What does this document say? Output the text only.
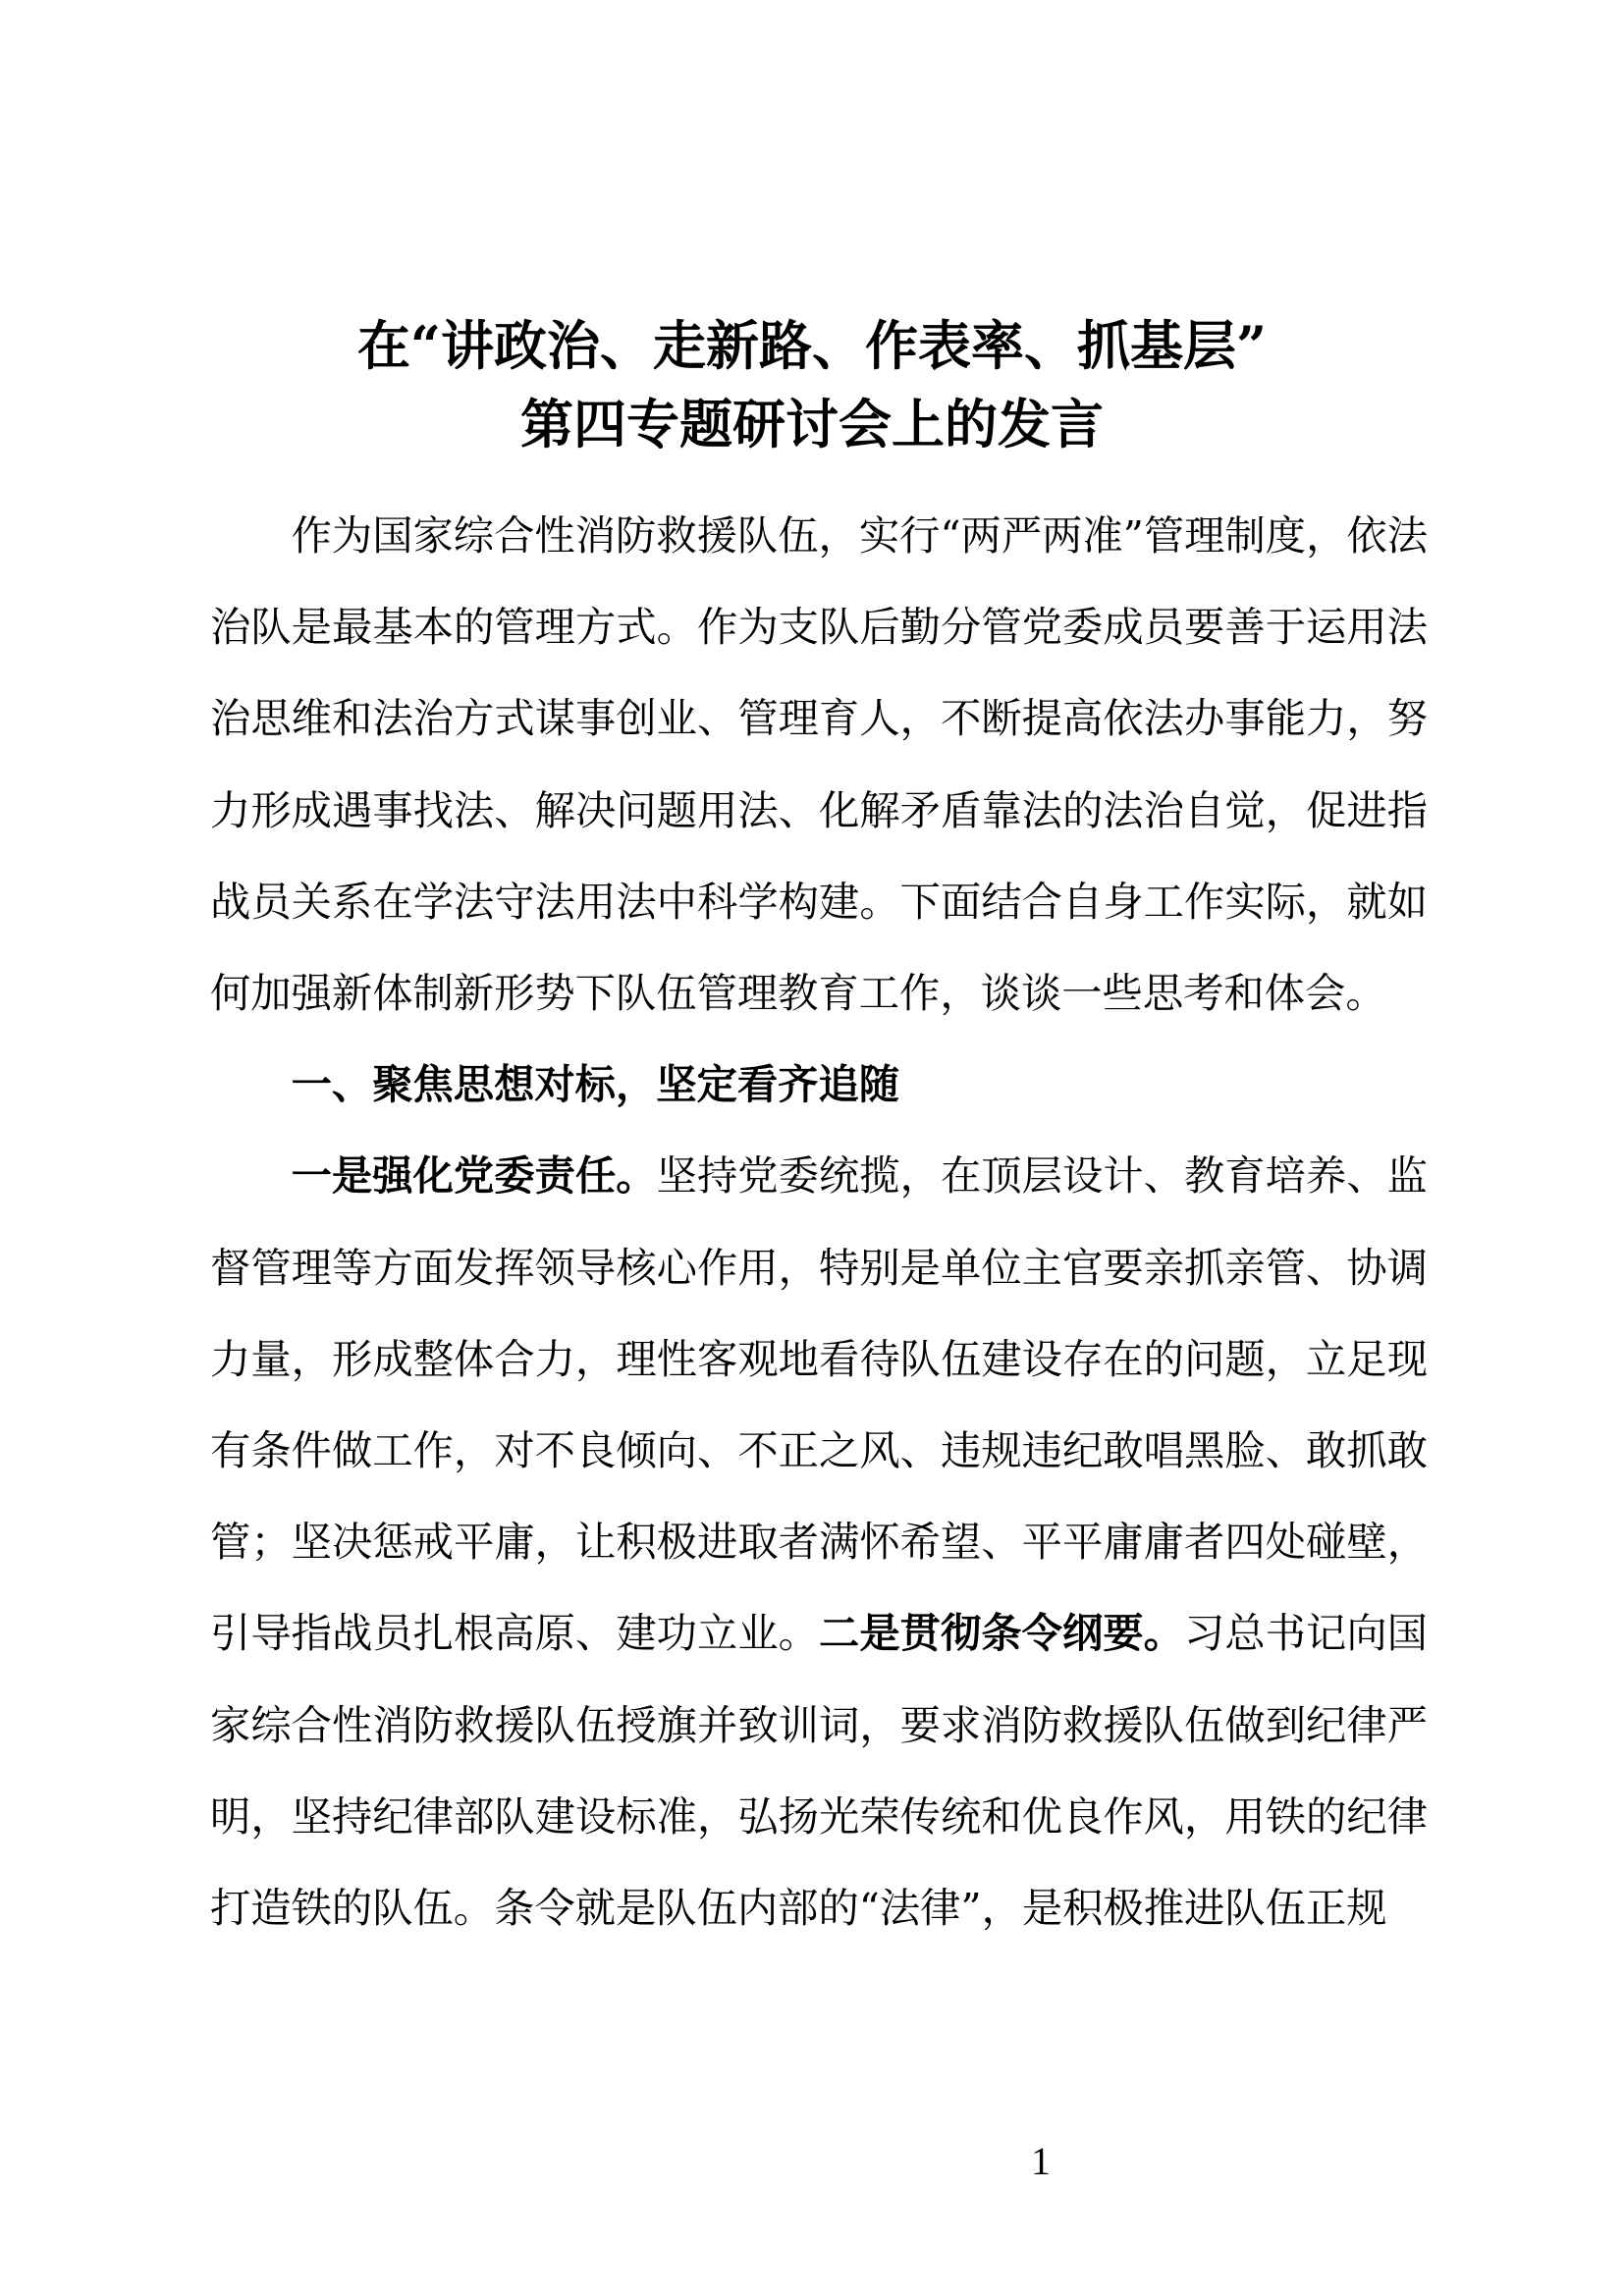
在“讲政治、走新路、作表率、抓基层”
第四专题研讨会上的发言

作为国家综合性消防救援队伍，实行“两严两准”管理制度，依法治队是最基本的管理方式。作为支队后勤分管党委成员要善于运用法治思维和法治方式谋事创业、管理育人，不断提高依法办事能力，努力形成遇事找法、解决问题用法、化解矛盾靠法的法治自觉，促进指战员关系在学法守法用法中科学构建。下面结合自身工作实际，就如何加强新体制新形势下队伍管理教育工作，谈谈一些思考和体会。

一、聚焦思想对标，坚定看齐追随

一是强化党委责任。坚持党委统揽，在顶层设计、教育培养、监督管理等方面发挥领导核心作用，特别是单位主官要亲抓亲管、协调力量，形成整体合力，理性客观地看待队伍建设存在的问题，立足现有条件做工作，对不良倾向、不正之风、违规违纪敢唱黑脸、敢抓敢管；坚决惩戒平庸，让积极进取者满怀希望、平平庸庸者四处碰壁，引导指战员扎根高原、建功立业。二是贯彻条令纲要。习总书记向国家综合性消防救援队伍授旗并致训词，要求消防救援队伍做到纪律严明，坚持纪律部队建设标准，弘扬光荣传统和优良作风，用铁的纪律打造铁的队伍。条令就是队伍内部的“法律”，是积极推进队伍正规

1
